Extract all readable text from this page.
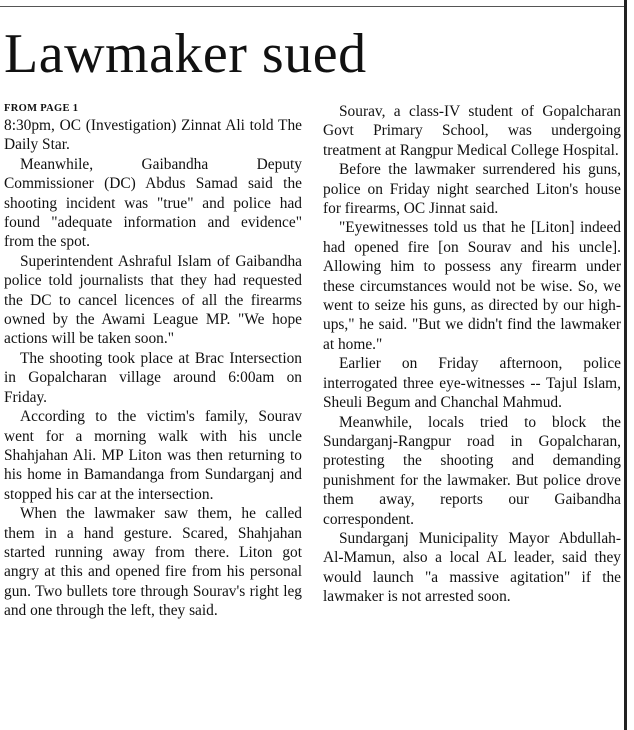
Lawmaker sued

FROM PAGE 1

8:30pm, OC (Investigation) Zinnat Ali told The Daily Star.

Meanwhile, Gaibandha Deputy Commissioner (DC) Abdus Samad said the shooting incident was "true" and police had found "adequate information and evidence" from the spot.

Superintendent Ashraful Islam of Gaibandha police told journalists that they had requested the DC to cancel licences of all the firearms owned by the Awami League MP. "We hope actions will be taken soon."

The shooting took place at Brac Intersection in Gopalcharan village around 6:00am on Friday.

According to the victim's family, Sourav went for a morning walk with his uncle Shahjahan Ali. MP Liton was then returning to his home in Bamandanga from Sundarganj and stopped his car at the intersection.

When the lawmaker saw them, he called them in a hand gesture. Scared, Shahjahan started running away from there. Liton got angry at this and opened fire from his personal gun. Two bullets tore through Sourav's right leg and one through the left, they said.

Sourav, a class-IV student of Gopalcharan Govt Primary School, was undergoing treatment at Rangpur Medical College Hospital.

Before the lawmaker surrendered his guns, police on Friday night searched Liton's house for firearms, OC Jinnat said.

"Eyewitnesses told us that he [Liton] indeed had opened fire [on Sourav and his uncle]. Allowing him to possess any firearm under these circumstances would not be wise. So, we went to seize his guns, as directed by our high-ups," he said. "But we didn't find the lawmaker at home."

Earlier on Friday afternoon, police interrogated three eye-witnesses -- Tajul Islam, Sheuli Begum and Chanchal Mahmud.

Meanwhile, locals tried to block the Sundarganj-Rangpur road in Gopalcharan, protesting the shooting and demanding punishment for the lawmaker. But police drove them away, reports our Gaibandha correspondent.

Sundarganj Municipality Mayor Abdullah-Al-Mamun, also a local AL leader, said they would launch "a massive agitation" if the lawmaker is not arrested soon.
